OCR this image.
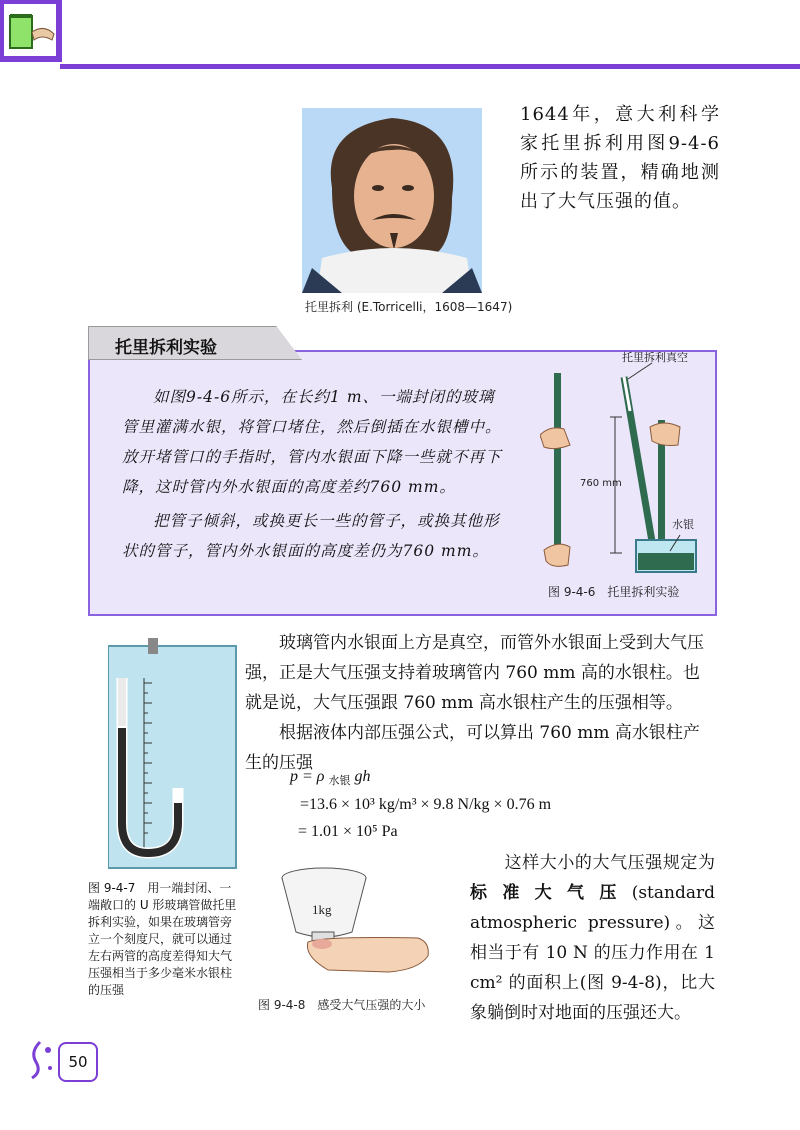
托里拆利 (E.Torricelli，1608—1647)

1644年，意大利科学家托里拆利用图9-4-6所示的装置，精确地测出了大气压强的值。

托里拆利实验

如图9-4-6所示，在长约1 m、一端封闭的玻璃管里灌满水银，将管口堵住，然后倒插在水银槽中。放开堵管口的手指时，管内水银面下降一些就不再下降，这时管内外水银面的高度差约760 mm。

把管子倾斜，或换更长一些的管子，或换其他形状的管子，管内外水银面的高度差仍为760 mm。

托里拆利真空
760 mm
水银
图 9-4-6　托里拆利实验
图 9-4-7　用一端封闭、一端敞口的 U 形玻璃管做托里拆利实验，如果在玻璃管旁立一个刻度尺，就可以通过左右两管的高度差得知大气压强相当于多少毫米水银柱的压强

玻璃管内水银面上方是真空，而管外水银面上受到大气压强，正是大气压强支持着玻璃管内 760 mm 高的水银柱。也就是说，大气压强跟 760 mm 高水银柱产生的压强相等。

根据液体内部压强公式，可以算出 760 mm 高水银柱产生的压强

p = ρ 水银 gh
=13.6 × 10³ kg/m³ × 9.8 N/kg × 0.76 m
= 1.01 × 10⁵ Pa
1kg
图 9-4-8　感受大气压强的大小
这样大小的大气压强规定为标准大气压(standard atmospheric pressure)。这相当于有 10 N 的压力作用在 1 cm² 的面积上(图 9-4-8)，比大象躺倒时对地面的压强还大。
50
